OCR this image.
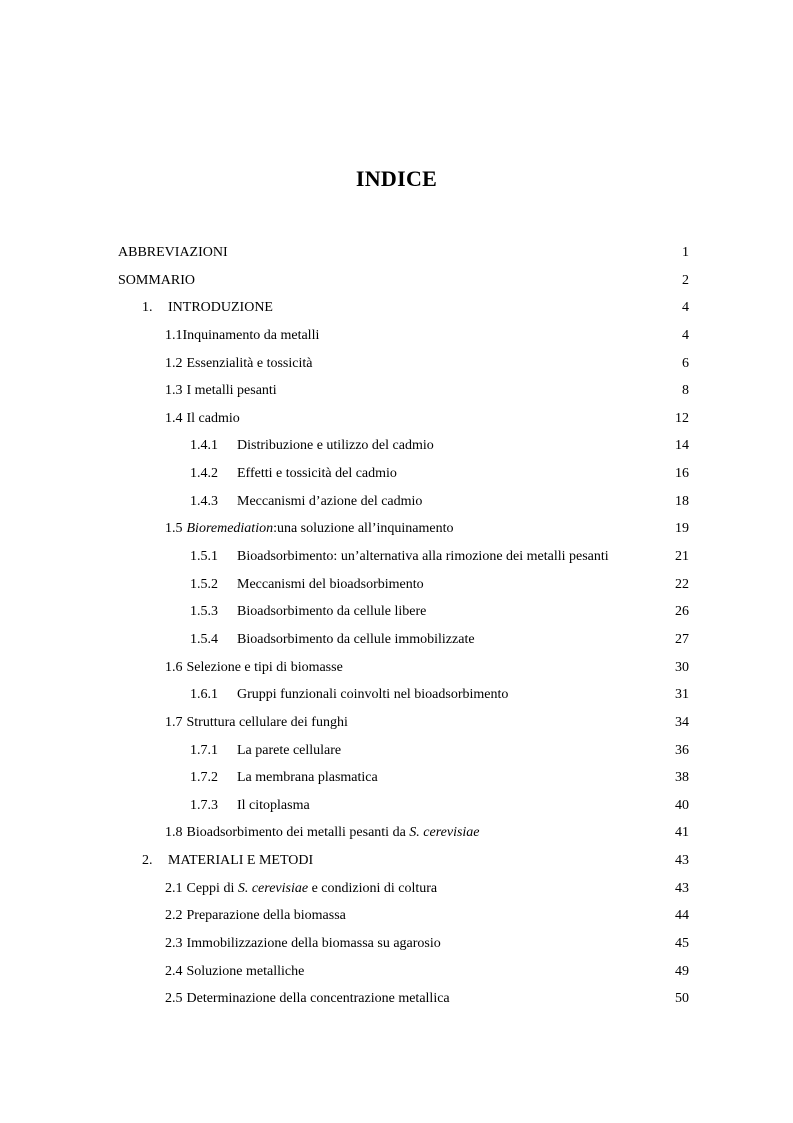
INDICE
ABBREVIAZIONI	1
SOMMARIO	2
1. INTRODUZIONE	4
1.1Inquinamento da metalli	4
1.2 Essenzialità e tossicità	6
1.3 I metalli pesanti	8
1.4 Il cadmio	12
1.4.1 Distribuzione e utilizzo del cadmio	14
1.4.2 Effetti e tossicità del cadmio	16
1.4.3 Meccanismi d’azione del cadmio	18
1.5 Bioremediation:una soluzione all’inquinamento	19
1.5.1 Bioadsorbimento: un’alternativa alla rimozione dei metalli pesanti	21
1.5.2 Meccanismi del bioadsorbimento	22
1.5.3 Bioadsorbimento da cellule libere	26
1.5.4 Bioadsorbimento da cellule immobilizzate	27
1.6 Selezione e tipi di biomasse	30
1.6.1 Gruppi funzionali coinvolti nel bioadsorbimento	31
1.7 Struttura cellulare dei funghi	34
1.7.1 La parete cellulare	36
1.7.2 La membrana plasmatica	38
1.7.3 Il citoplasma	40
1.8 Bioadsorbimento dei metalli pesanti da S. cerevisiae	41
2. MATERIALI E METODI	43
2.1 Ceppi di S. cerevisiae e condizioni di coltura	43
2.2 Preparazione della biomassa	44
2.3 Immobilizzazione della biomassa su agarosio	45
2.4 Soluzione metalliche	49
2.5 Determinazione della concentrazione metallica	50
